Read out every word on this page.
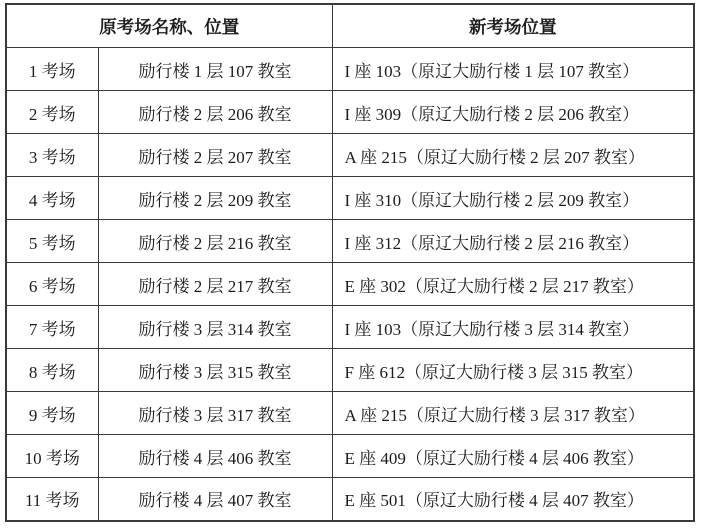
原考场名称、位置		新考场位置
1 考场	励行楼 1 层 107 教室	I 座 103（原辽大励行楼 1 层 107 教室）
2 考场	励行楼 2 层 206 教室	I 座 309（原辽大励行楼 2 层 206 教室）
3 考场	励行楼 2 层 207 教室	A 座 215（原辽大励行楼 2 层 207 教室）
4 考场	励行楼 2 层 209 教室	I 座 310（原辽大励行楼 2 层 209 教室）
5 考场	励行楼 2 层 216 教室	I 座 312（原辽大励行楼 2 层 216 教室）
6 考场	励行楼 2 层 217 教室	E 座 302（原辽大励行楼 2 层 217 教室）
7 考场	励行楼 3 层 314 教室	I 座 103（原辽大励行楼 3 层 314 教室）
8 考场	励行楼 3 层 315 教室	F 座 612（原辽大励行楼 3 层 315 教室）
9 考场	励行楼 3 层 317 教室	A 座 215（原辽大励行楼 3 层 317 教室）
10 考场	励行楼 4 层 406 教室	E 座 409（原辽大励行楼 4 层 406 教室）
11 考场	励行楼 4 层 407 教室	E 座 501（原辽大励行楼 4 层 407 教室）
